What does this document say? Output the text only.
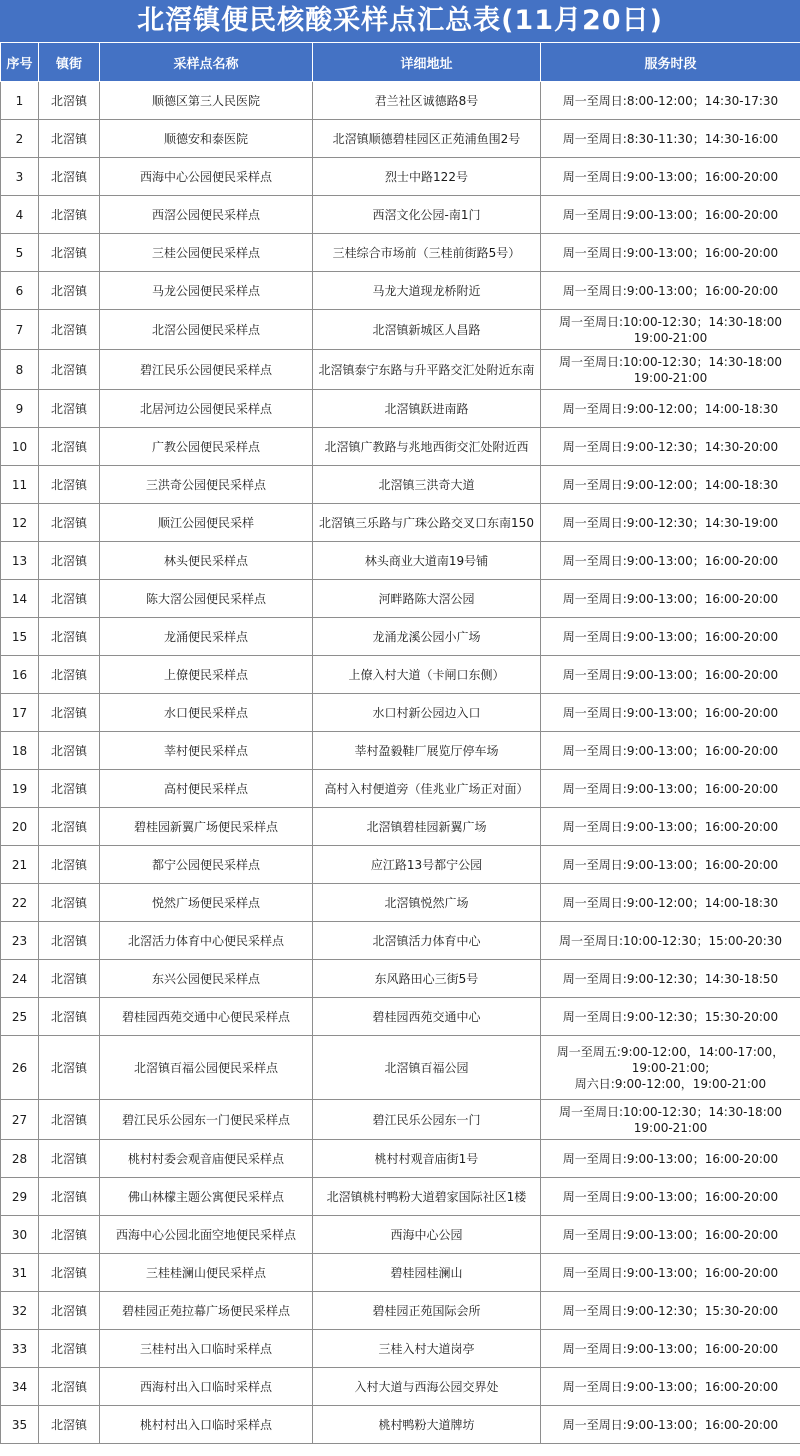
北滘镇便民核酸采样点汇总表(11月20日)
序号	镇街	采样点名称	详细地址	服务时段
1	北滘镇	顺德区第三人民医院	君兰社区诚德路8号	周一至周日:8:00-12:00；14:30-17:30

2	北滘镇	顺德安和泰医院	北滘镇顺德碧桂园区正苑浦鱼围2号	周一至周日:8:30-11:30；14:30-16:00

3	北滘镇	西海中心公园便民采样点	烈士中路122号	周一至周日:9:00-13:00；16:00-20:00

4	北滘镇	西滘公园便民采样点	西滘文化公园-南1门	周一至周日:9:00-13:00；16:00-20:00

5	北滘镇	三桂公园便民采样点	三桂综合市场前（三桂前街路5号）	周一至周日:9:00-13:00；16:00-20:00

6	北滘镇	马龙公园便民采样点	马龙大道现龙桥附近	周一至周日:9:00-13:00；16:00-20:00

7	北滘镇	北滘公园便民采样点	北滘镇新城区人昌路	周一至周日:10:00-12:30；14:30-18:00
19:00-21:00

8	北滘镇	碧江民乐公园便民采样点	北滘镇泰宁东路与升平路交汇处附近东南	周一至周日:10:00-12:30；14:30-18:00
19:00-21:00

9	北滘镇	北居河边公园便民采样点	北滘镇跃进南路	周一至周日:9:00-12:00；14:00-18:30

10	北滘镇	广教公园便民采样点	北滘镇广教路与兆地西街交汇处附近西	周一至周日:9:00-12:30；14:30-20:00

11	北滘镇	三洪奇公园便民采样点	北滘镇三洪奇大道	周一至周日:9:00-12:00；14:00-18:30

12	北滘镇	顺江公园便民采样	北滘镇三乐路与广珠公路交叉口东南150	周一至周日:9:00-12:30；14:30-19:00

13	北滘镇	林头便民采样点	林头商业大道南19号铺	周一至周日:9:00-13:00；16:00-20:00

14	北滘镇	陈大滘公园便民采样点	河畔路陈大滘公园	周一至周日:9:00-13:00；16:00-20:00

15	北滘镇	龙涌便民采样点	龙涌龙溪公园小广场	周一至周日:9:00-13:00；16:00-20:00

16	北滘镇	上僚便民采样点	上僚入村大道（卡闸口东侧）	周一至周日:9:00-13:00；16:00-20:00

17	北滘镇	水口便民采样点	水口村新公园边入口	周一至周日:9:00-13:00；16:00-20:00

18	北滘镇	莘村便民采样点	莘村盈毅鞋厂展览厅停车场	周一至周日:9:00-13:00；16:00-20:00

19	北滘镇	高村便民采样点	高村入村便道旁（佳兆业广场正对面）	周一至周日:9:00-13:00；16:00-20:00

20	北滘镇	碧桂园新翼广场便民采样点	北滘镇碧桂园新翼广场	周一至周日:9:00-13:00；16:00-20:00

21	北滘镇	都宁公园便民采样点	应江路13号都宁公园	周一至周日:9:00-13:00；16:00-20:00

22	北滘镇	悦然广场便民采样点	北滘镇悦然广场	周一至周日:9:00-12:00；14:00-18:30

23	北滘镇	北滘活力体育中心便民采样点	北滘镇活力体育中心	周一至周日:10:00-12:30；15:00-20:30

24	北滘镇	东兴公园便民采样点	东风路田心三街5号	周一至周日:9:00-12:30；14:30-18:50

25	北滘镇	碧桂园西苑交通中心便民采样点	碧桂园西苑交通中心	周一至周日:9:00-12:30；15:30-20:00

26	北滘镇	北滘镇百福公园便民采样点	北滘镇百福公园	周一至周五:9:00-12:00，14:00-17:00，
19:00-21:00;
周六日:9:00-12:00，19:00-21:00

27	北滘镇	碧江民乐公园东一门便民采样点	碧江民乐公园东一门	周一至周日:10:00-12:30；14:30-18:00
19:00-21:00

28	北滘镇	桃村村委会观音庙便民采样点	桃村村观音庙街1号	周一至周日:9:00-13:00；16:00-20:00

29	北滘镇	佛山林檬主题公寓便民采样点	北滘镇桃村鸭粉大道碧家国际社区1楼	周一至周日:9:00-13:00；16:00-20:00

30	北滘镇	西海中心公园北面空地便民采样点	西海中心公园	周一至周日:9:00-13:00；16:00-20:00

31	北滘镇	三桂桂澜山便民采样点	碧桂园桂澜山	周一至周日:9:00-13:00；16:00-20:00

32	北滘镇	碧桂园正苑拉幕广场便民采样点	碧桂园正苑国际会所	周一至周日:9:00-12:30；15:30-20:00

33	北滘镇	三桂村出入口临时采样点	三桂入村大道岗亭	周一至周日:9:00-13:00；16:00-20:00

34	北滘镇	西海村出入口临时采样点	入村大道与西海公园交界处	周一至周日:9:00-13:00；16:00-20:00

35	北滘镇	桃村村出入口临时采样点	桃村鸭粉大道牌坊	周一至周日:9:00-13:00；16:00-20:00
